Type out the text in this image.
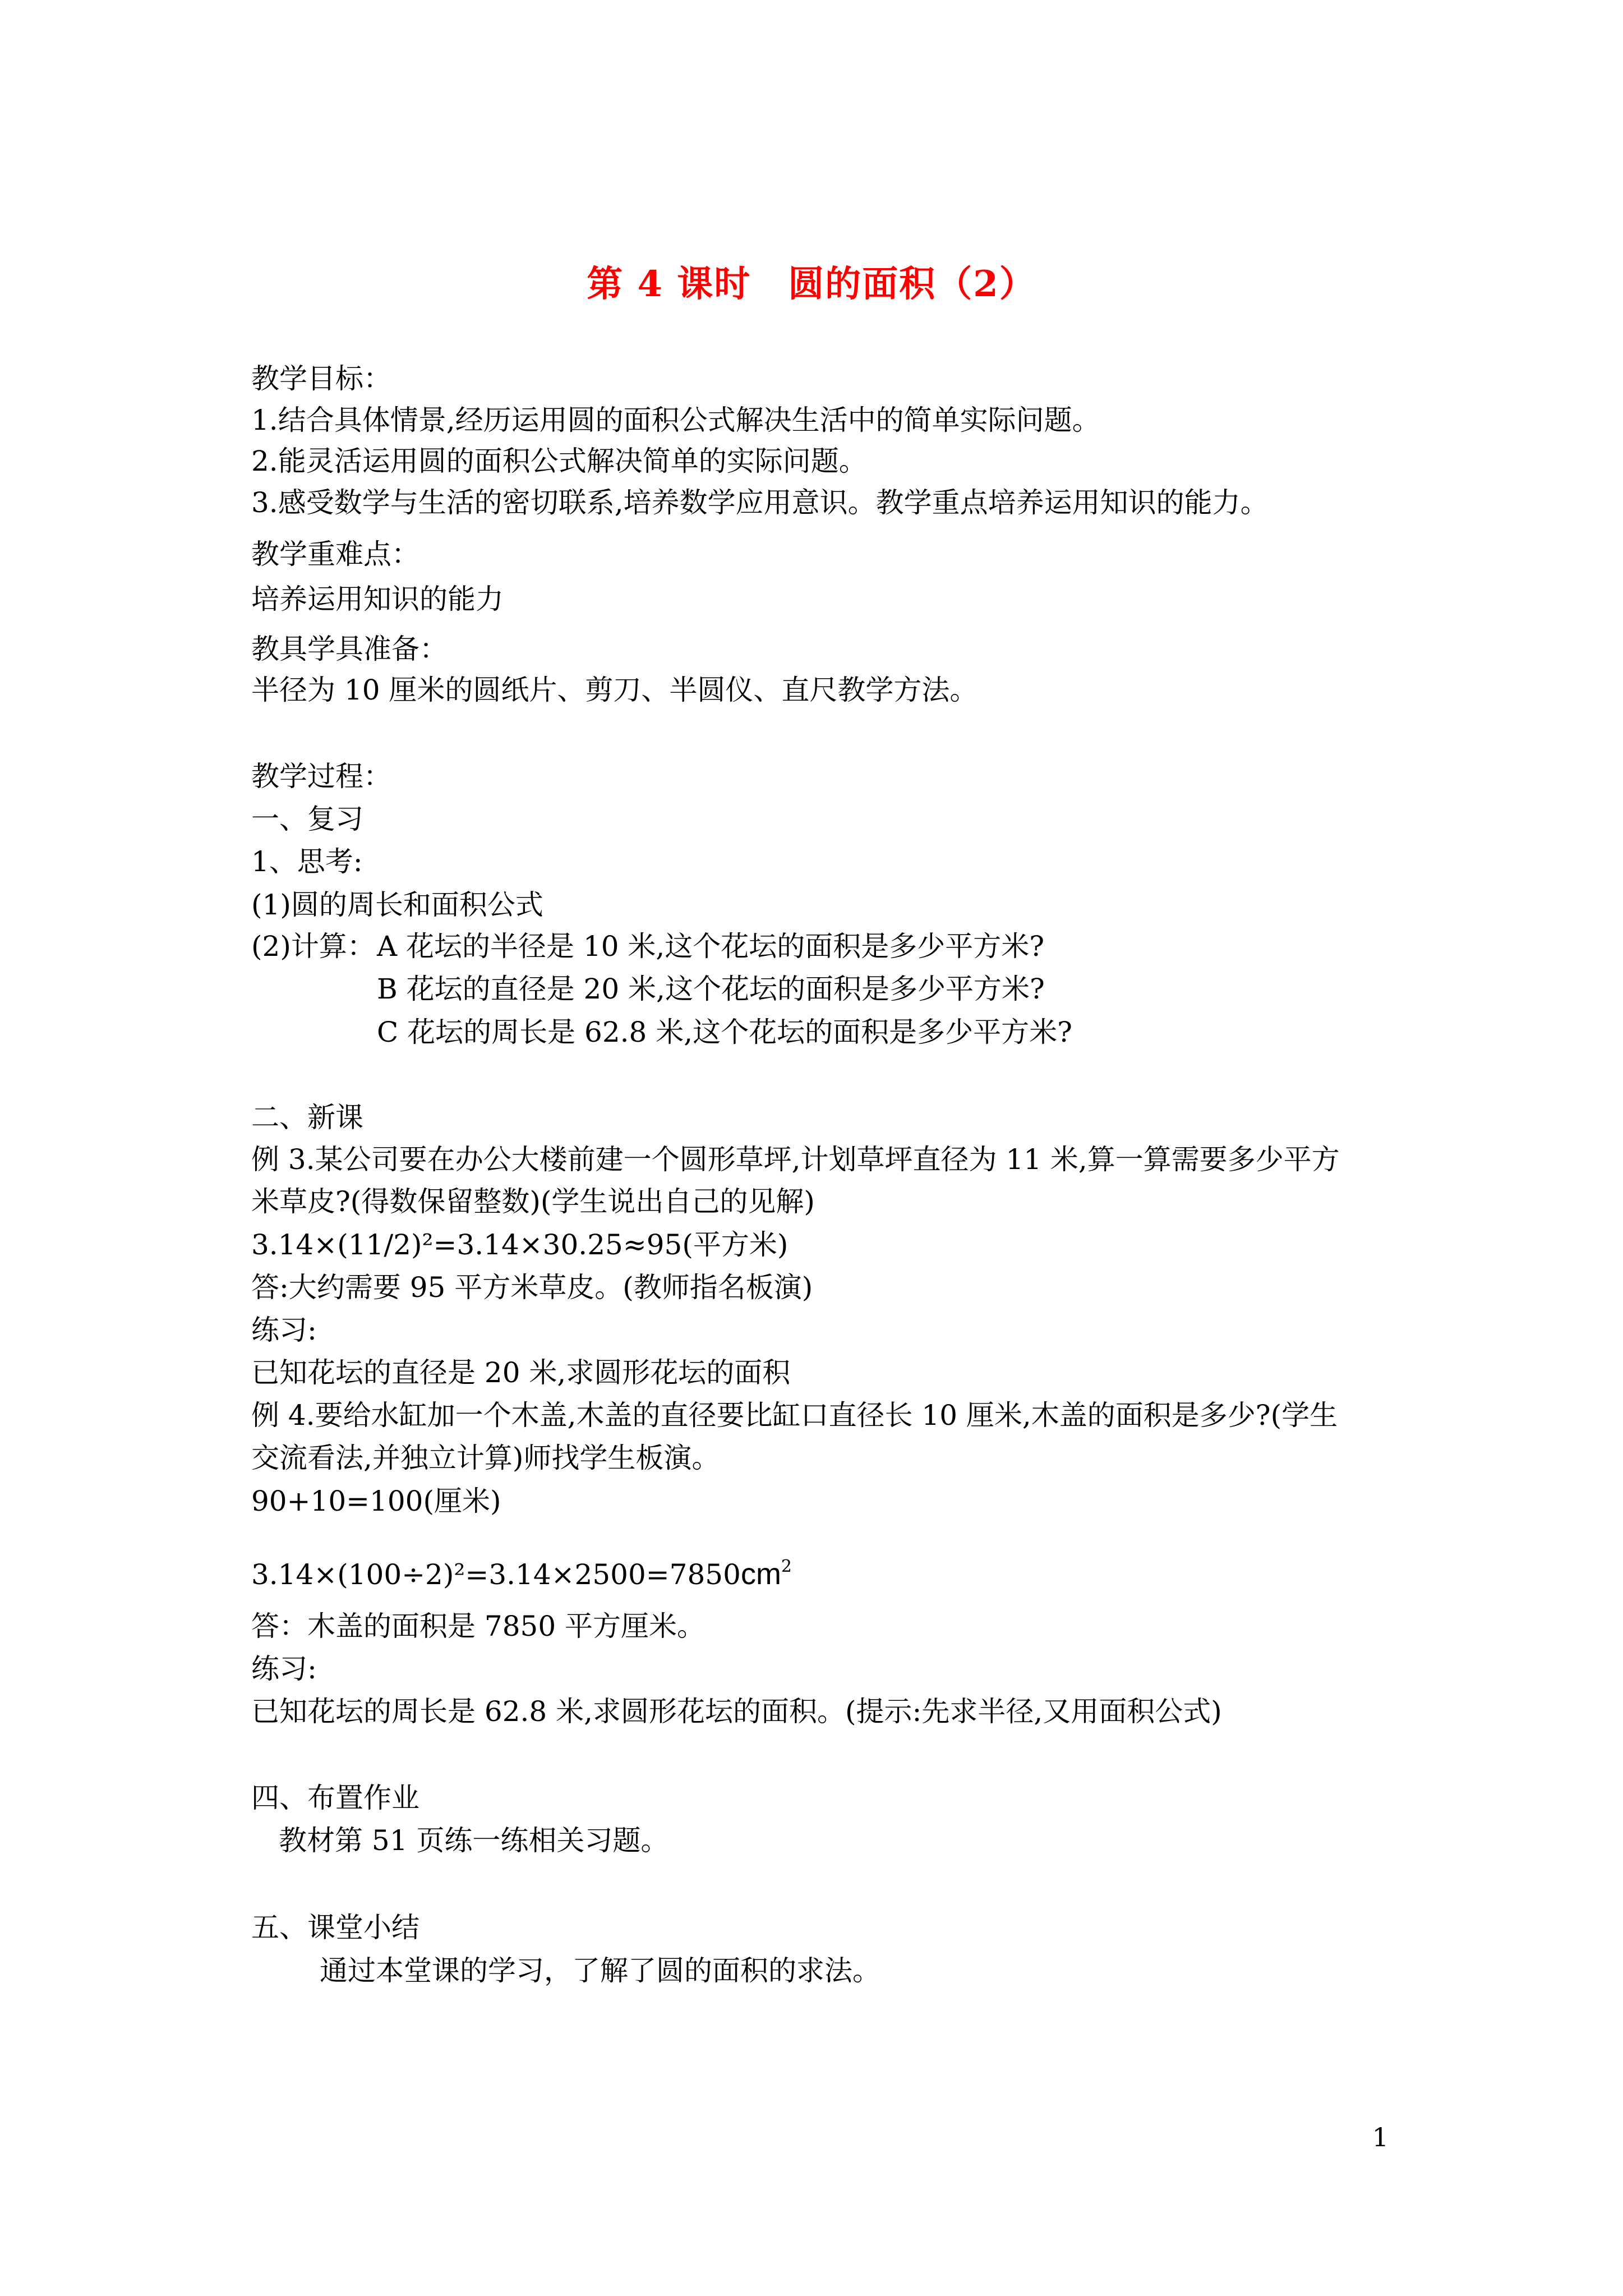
第 4 课时　圆的面积（2）
教学目标：
1.结合具体情景,经历运用圆的面积公式解决生活中的简单实际问题。
2.能灵活运用圆的面积公式解决简单的实际问题。
3.感受数学与生活的密切联系,培养数学应用意识。教学重点培养运用知识的能力。
教学重难点：
培养运用知识的能力
教具学具准备：
半径为 10 厘米的圆纸片、剪刀、半圆仪、直尺教学方法。
教学过程：
一、复习
1、思考:
(1)圆的周长和面积公式
(2)计算： A 花坛的半径是 10 米,这个花坛的面积是多少平方米?
B 花坛的直径是 20 米,这个花坛的面积是多少平方米?
C 花坛的周长是 62.8 米,这个花坛的面积是多少平方米?
二、新课
例 3.某公司要在办公大楼前建一个圆形草坪,计划草坪直径为 11 米,算一算需要多少平方
米草皮?(得数保留整数)(学生说出自己的见解)
3.14×(11/2)²=3.14×30.25≈95(平方米)
答:大约需要 95 平方米草皮。(教师指名板演)
练习:
已知花坛的直径是 20 米,求圆形花坛的面积
例 4.要给水缸加一个木盖,木盖的直径要比缸口直径长 10 厘米,木盖的面积是多少?(学生
交流看法,并独立计算)师找学生板演。
90+10=100(厘米)
$3.14\times(100\div 2)^2=3.14\times 2500=7850cm^2$
答：木盖的面积是 7850 平方厘米。
练习:
已知花坛的周长是 62.8 米,求圆形花坛的面积。(提示:先求半径,又用面积公式)
四、布置作业
教材第 51 页练一练相关习题。
五、课堂小结
通过本堂课的学习，了解了圆的面积的求法。
1
